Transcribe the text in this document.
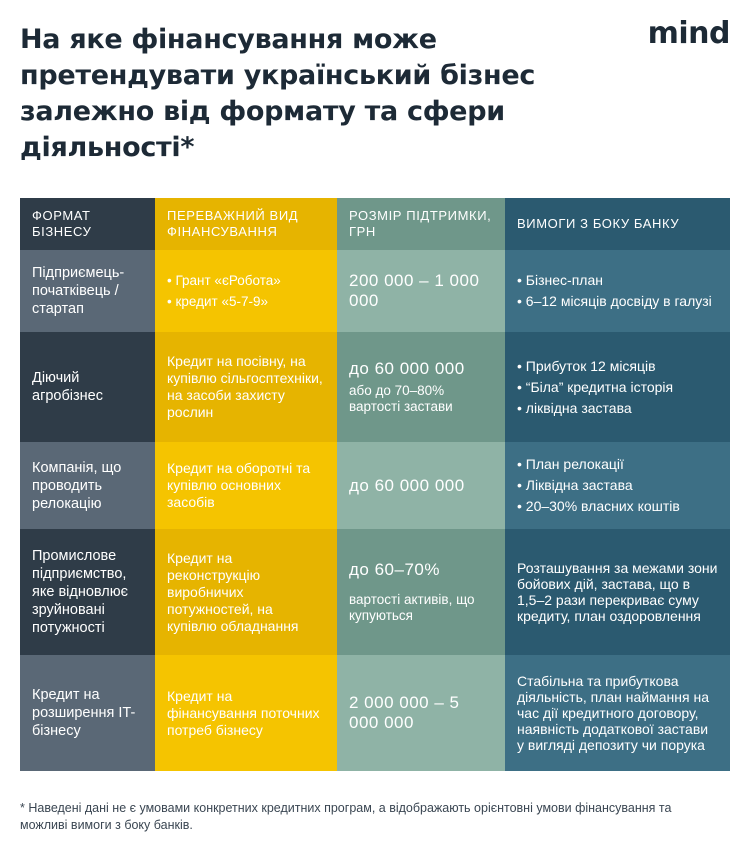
На яке фінансування може претендувати український бізнес залежно від формату та сфери діяльності*
mind
ФОРМАТ БІЗНЕСУ
ПЕРЕВАЖНИЙ ВИД ФІНАНСУВАННЯ
РОЗМІР ПІДТРИМКИ, ГРН
ВИМОГИ З БОКУ БАНКУ
Підприємець-початківець / стартап
• Грант «єРобота»
• кредит «5-7-9»
200 000 – 1 000 000
• Бізнес-план
• 6–12 місяців досвіду в галузі
Діючий агробізнес
Кредит на посівну, на купівлю сільгосптехніки, на засоби захисту рослин
до 60 000 000
або до 70–80% вартості застави
• Прибуток 12 місяців
• “Біла” кредитна історія
• ліквідна застава
Компанія, що проводить релокацію
Кредит на оборотні та купівлю основних засобів
до 60 000 000
• План релокації
• Ліквідна застава
• 20–30% власних коштів
Промислове підприємство, яке відновлює зруйновані потужності
Кредит на реконструкцію виробничих потужностей, на купівлю обладнання
до 60–70%
вартості активів, що купуються
Розташування за межами зони бойових дій, застава, що в 1,5–2 рази перекриває суму кредиту, план оздоровлення
Кредит на розширення IT-бізнесу
Кредит на фінансування поточних потреб бізнесу
2 000 000 – 5 000 000
Стабільна та прибуткова діяльність, план наймання на час дії кредитного договору, наявність додаткової застави у вигляді депозиту чи порука
* Наведені дані не є умовами конкретних кредитних програм, а відображають орієнтовні умови фінансування та можливі вимоги з боку банків.
